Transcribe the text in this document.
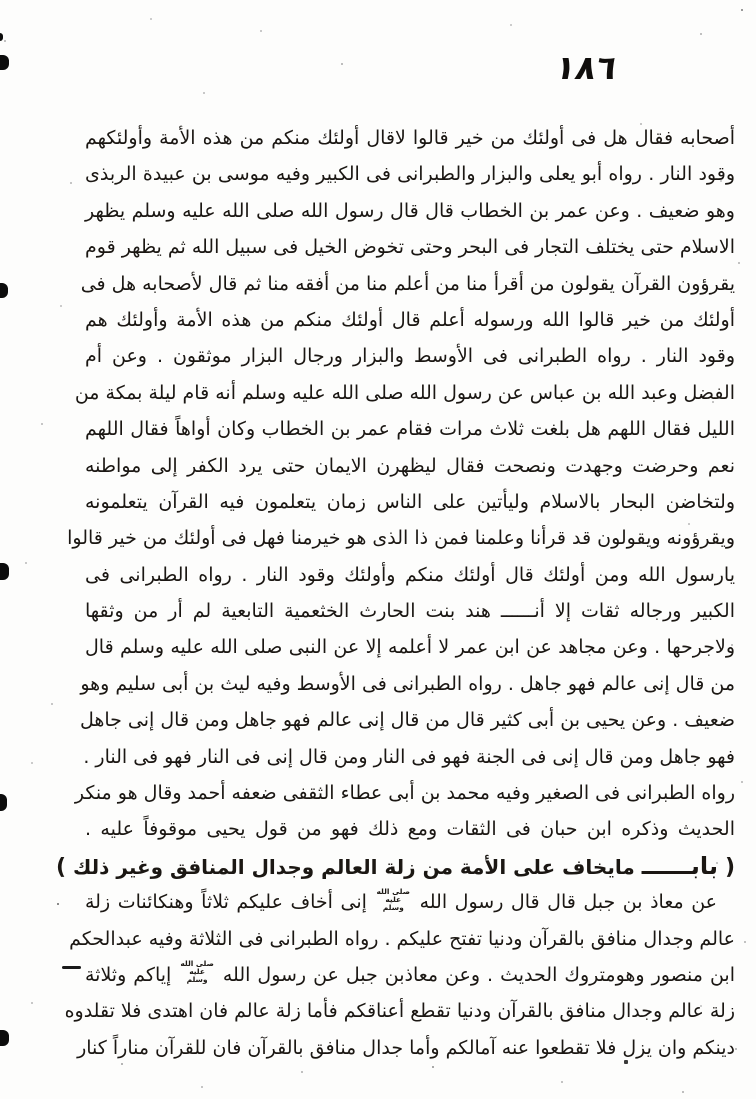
١٨٦
أصحابه فقال هل فى أولئك من خير قالوا لاقال أولئك منكم من هذه الأمة وأولئكهم
وقود النار . رواه أبو يعلى والبزار والطبرانى فى الكبير وفيه موسى بن عبيدة الربذى
وهو ضعيف . وعن عمر بن الخطاب قال قال رسول الله صلى الله عليه وسلم يظهر
الاسلام حتى يختلف التجار فى البحر وحتى تخوض الخيل فى سبيل الله ثم يظهر قوم
يقرؤون القرآن يقولون من أقرأ منا من أعلم منا من أفقه منا ثم قال لأصحابه هل فى
أولئك من خير قالوا الله ورسوله أعلم قال أولئك منكم من هذه الأمة وأولئك هم
وقود النار . رواه الطبرانى فى الأوسط والبزار ورجال البزار موثقون . وعن أم
الفضل وعبد الله بن عباس عن رسول الله صلى الله عليه وسلم أنه قام ليلة بمكة من
الليل فقال اللهم هل بلغت ثلاث مرات فقام عمر بن الخطاب وكان أواهاً فقال اللهم
نعم وحرضت وجهدت ونصحت فقال ليظهرن الايمان حتى يرد الكفر إلى مواطنه
ولتخاضن البحار بالاسلام وليأتين على الناس زمان يتعلمون فيه القرآن يتعلمونه
ويقرؤونه ويقولون قد قرأنا وعلمنا فمن ذا الذى هو خيرمنا فهل فى أولئك من خير قالوا
يارسول الله ومن أولئك قال أولئك منكم وأولئك وقود النار . رواه الطبرانى فى
الكبير ورجاله ثقات إلا أنــــــ هند بنت الحارث الخثعمية التابعية لم أر من وثقها
ولاجرحها . وعن مجاهد عن ابن عمر لا أعلمه إلا عن النبى صلى الله عليه وسلم قال
من قال إنى عالم فهو جاهل . رواه الطبرانى فى الأوسط وفيه ليث بن أبى سليم وهو
ضعيف . وعن يحيى بن أبى كثير قال من قال إنى عالم فهو جاهل ومن قال إنى جاهل
فهو جاهل ومن قال إنى فى الجنة فهو فى النار ومن قال إنى فى النار فهو فى النار .
رواه الطبرانى فى الصغير وفيه محمد بن أبى عطاء الثقفى ضعفه أحمد وقال هو منكر
الحديث وذكره ابن حبان فى الثقات ومع ذلك فهو من قول يحيى موقوفاً عليه .
( بابــــــ مايخاف على الأمة من زلة العالم وجدال المنافق وغير ذلك )
عن معاذ بن جبل قال قال رسول الله
صلى الله
عليه
وسلم
إنى أخاف عليكم ثلاثاً وهنكائنات زلة
عالم وجدال منافق بالقرآن ودنيا تفتح عليكم . رواه الطبرانى فى الثلاثة وفيه عبدالحكم
ابن منصور وهومتروك الحديث . وعن معاذبن جبل عن رسول الله
صلى الله
عليه
وسلم
إياكم وثلاثة
زلة عالم وجدال منافق بالقرآن ودنيا تقطع أعناقكم فأما زلة عالم فان اهتدى فلا تقلدوه
دينكم وان يزل فلا تقطعوا عنه آمالكم وأما جدال منافق بالقرآن فان للقرآن مناراً كنار
